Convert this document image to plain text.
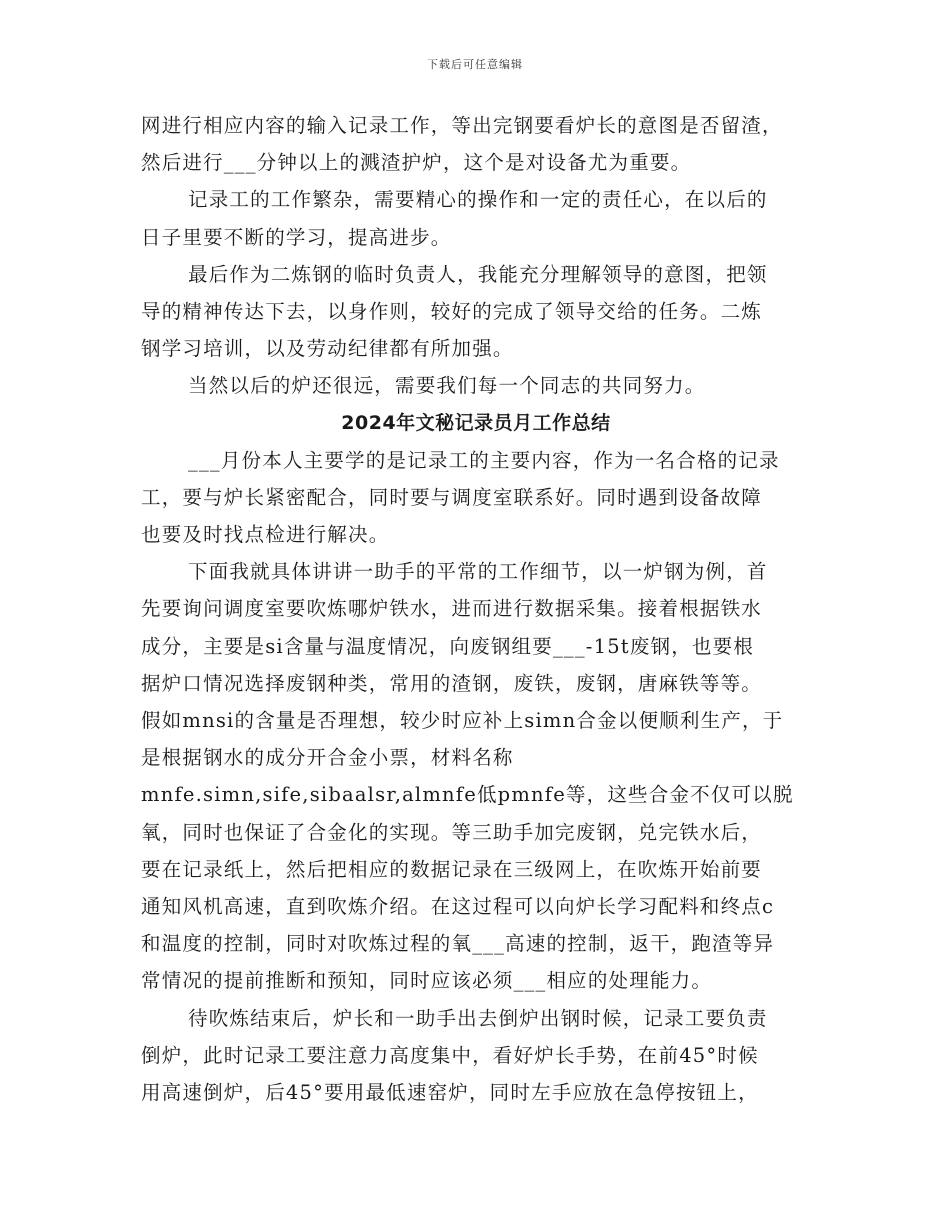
下载后可任意编辑
网进行相应内容的输入记录工作，等出完钢要看炉长的意图是否留渣，
然后进行___分钟以上的溅渣护炉，这个是对设备尤为重要。
记录工的工作繁杂，需要精心的操作和一定的责任心，在以后的
日子里要不断的学习，提高进步。
最后作为二炼钢的临时负责人，我能充分理解领导的意图，把领
导的精神传达下去，以身作则，较好的完成了领导交给的任务。二炼
钢学习培训，以及劳动纪律都有所加强。
当然以后的炉还很远，需要我们每一个同志的共同努力。
2024年文秘记录员月工作总结
___月份本人主要学的是记录工的主要内容，作为一名合格的记录
工，要与炉长紧密配合，同时要与调度室联系好。同时遇到设备故障
也要及时找点检进行解决。
下面我就具体讲讲一助手的平常的工作细节，以一炉钢为例，首
先要询问调度室要吹炼哪炉铁水，进而进行数据采集。接着根据铁水
成分，主要是si含量与温度情况，向废钢组要___-15t废钢，也要根
据炉口情况选择废钢种类，常用的渣钢，废铁，废钢，唐麻铁等等。
假如mnsi的含量是否理想，较少时应补上simn合金以便顺利生产，于
是根据钢水的成分开合金小票，材料名称
mnfe.simn,sife,sibaalsr,almnfe低pmnfe等，这些合金不仅可以脱
氧，同时也保证了合金化的实现。等三助手加完废钢，兑完铁水后，
要在记录纸上，然后把相应的数据记录在三级网上，在吹炼开始前要
通知风机高速，直到吹炼介绍。在这过程可以向炉长学习配料和终点c
和温度的控制，同时对吹炼过程的氧___高速的控制，返干，跑渣等异
常情况的提前推断和预知，同时应该必须___相应的处理能力。
待吹炼结束后，炉长和一助手出去倒炉出钢时候，记录工要负责
倒炉，此时记录工要注意力高度集中，看好炉长手势，在前45°时候
用高速倒炉，后45°要用最低速窑炉，同时左手应放在急停按钮上，
